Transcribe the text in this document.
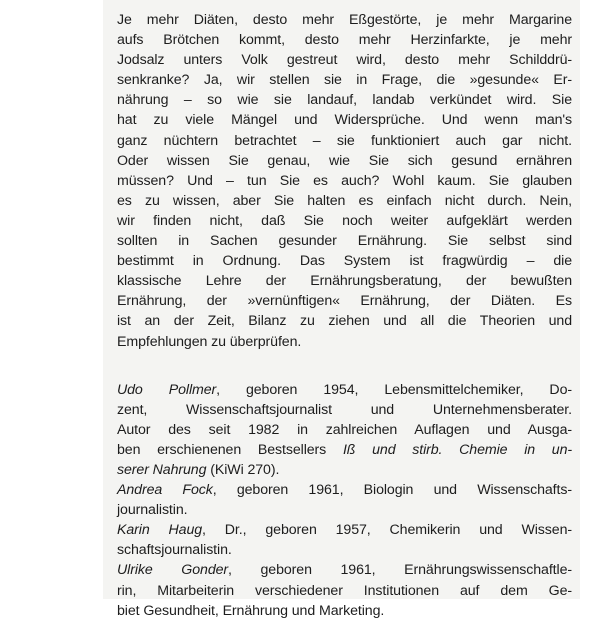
Je mehr Diäten, desto mehr Eßgestörte, je mehr Margarine
aufs Brötchen kommt, desto mehr Herzinfarkte, je mehr
Jodsalz unters Volk gestreut wird, desto mehr Schilddrü-
senkranke? Ja, wir stellen sie in Frage, die »gesunde« Er-
nährung – so wie sie landauf, landab verkündet wird. Sie
hat zu viele Mängel und Widersprüche. Und wenn man's
ganz nüchtern betrachtet – sie funktioniert auch gar nicht.
Oder wissen Sie genau, wie Sie sich gesund ernähren
müssen? Und – tun Sie es auch? Wohl kaum. Sie glauben
es zu wissen, aber Sie halten es einfach nicht durch. Nein,
wir finden nicht, daß Sie noch weiter aufgeklärt werden
sollten in Sachen gesunder Ernährung. Sie selbst sind
bestimmt in Ordnung. Das System ist fragwürdig – die
klassische Lehre der Ernährungsberatung, der bewußten
Ernährung, der »vernünftigen« Ernährung, der Diäten. Es
ist an der Zeit, Bilanz zu ziehen und all die Theorien und
Empfehlungen zu überprüfen.

Udo Pollmer, geboren 1954, Lebensmittelchemiker, Do-
zent, Wissenschaftsjournalist und Unternehmensberater.
Autor des seit 1982 in zahlreichen Auflagen und Ausga-
ben erschienenen Bestsellers Iß und stirb. Chemie in un-
serer Nahrung (KiWi 270).
Andrea Fock, geboren 1961, Biologin und Wissenschafts-
journalistin.
Karin Haug, Dr., geboren 1957, Chemikerin und Wissen-
schaftsjournalistin.
Ulrike Gonder, geboren 1961, Ernährungswissenschaftle-
rin, Mitarbeiterin verschiedener Institutionen auf dem Ge-
biet Gesundheit, Ernährung und Marketing.
